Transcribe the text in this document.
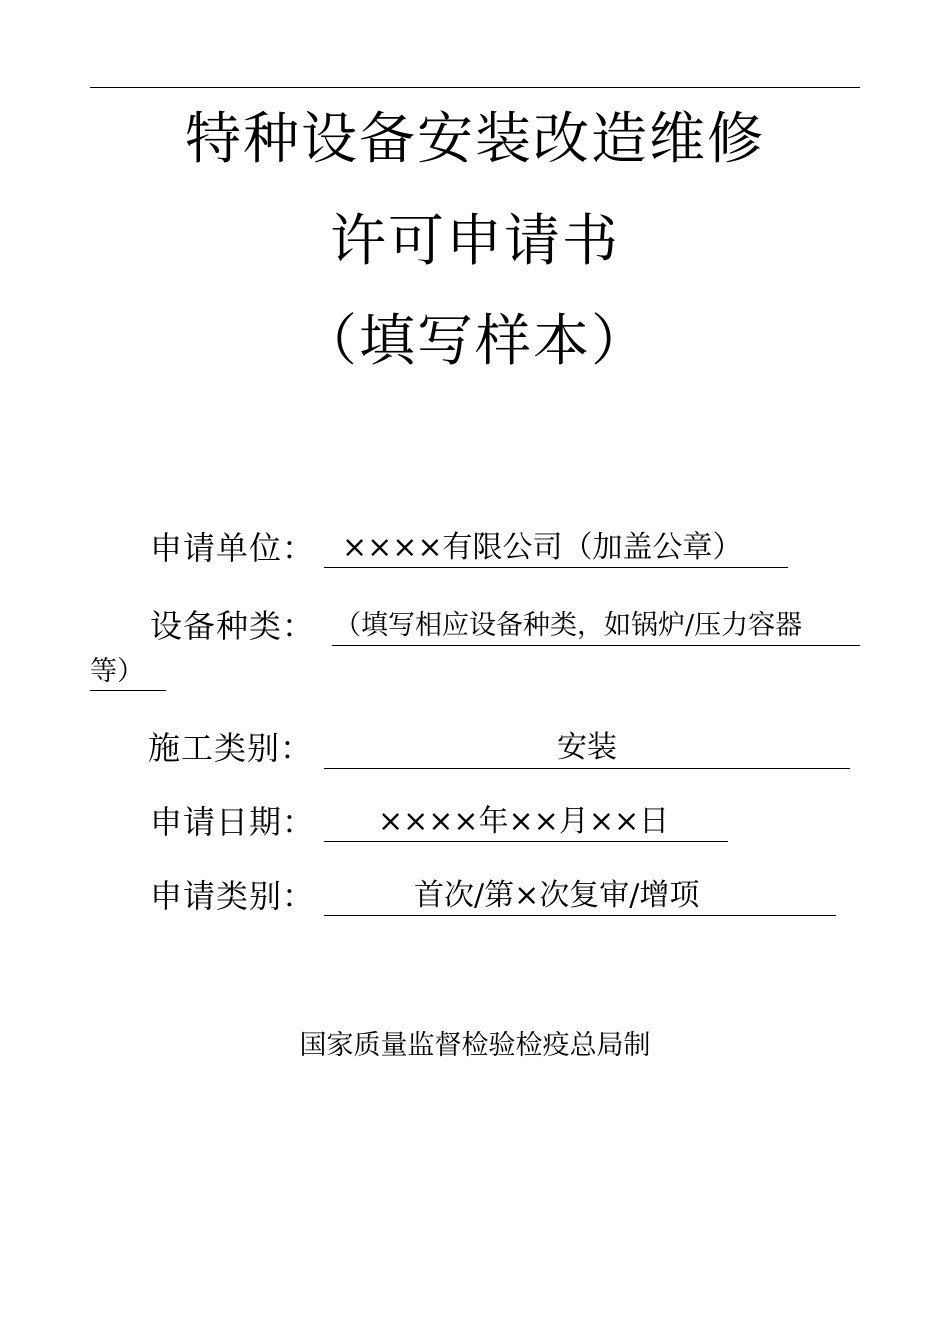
特种设备安装改造维修
许可申请书
（填写样本）
申请单位： ××××有限公司（加盖公章）
设备种类： （填写相应设备种类，如锅炉/压力容器
等）
施工类别：	安装
申请日期：	××××年××月××日
申请类别：	首次/第×次复审/增项
国家质量监督检验检疫总局制
